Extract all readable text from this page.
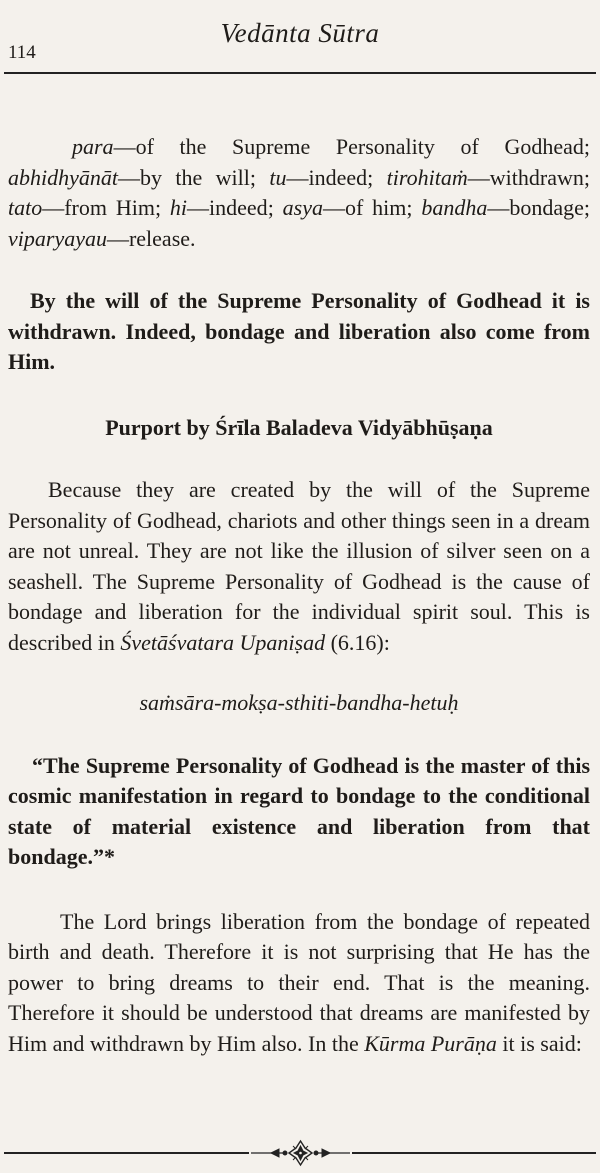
114
Vedānta Sūtra

para—of the Supreme Personality of Godhead; abhidhyānāt—by the will; tu—indeed; tirohitaṁ—withdrawn; tato—from Him; hi—indeed; asya—of him; bandha—bondage; viparyayau—release.

By the will of the Supreme Personality of Godhead it is withdrawn. Indeed, bondage and liberation also come from Him.

Purport by Śrīla Baladeva Vidyābhūṣaṇa

Because they are created by the will of the Supreme Personality of Godhead, chariots and other things seen in a dream are not unreal. They are not like the illusion of silver seen on a seashell. The Supreme Personality of Godhead is the cause of bondage and liberation for the individual spirit soul. This is described in Śvetāśvatara Upaniṣad (6.16):

saṁsāra-mokṣa-sthiti-bandha-hetuḥ

“The Supreme Personality of Godhead is the master of this cosmic manifestation in regard to bondage to the conditional state of material existence and liberation from that bondage.”*

The Lord brings liberation from the bondage of repeated birth and death. Therefore it is not surprising that He has the power to bring dreams to their end. That is the meaning. Therefore it should be understood that dreams are manifested by Him and withdrawn by Him also. In the Kūrma Purāṇa it is said:
